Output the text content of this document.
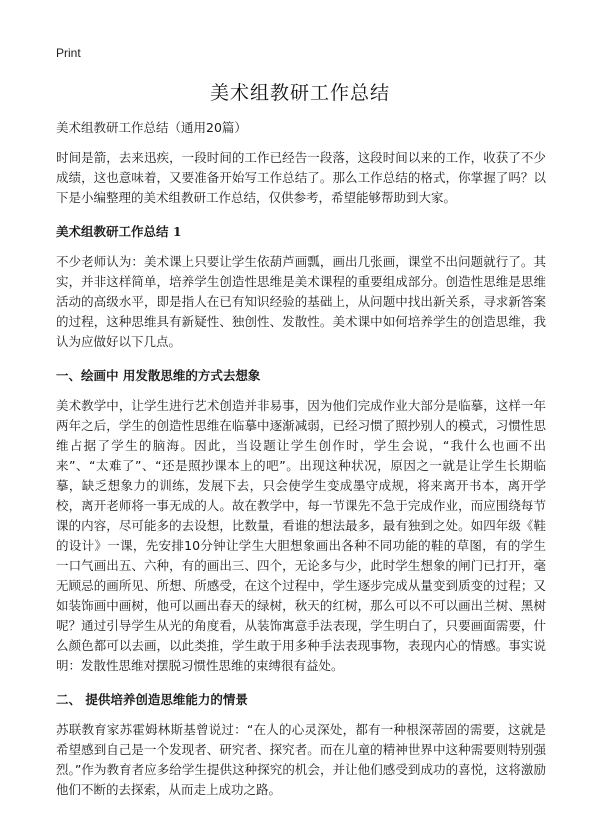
Print
美术组教研工作总结

美术组教研工作总结（通用20篇）

时间是箭，去来迅疾，一段时间的工作已经告一段落，这段时间以来的工作，收获了不少成绩，这也意味着，又要准备开始写工作总结了。那么工作总结的格式，你掌握了吗？以下是小编整理的美术组教研工作总结，仅供参考，希望能够帮助到大家。

美术组教研工作总结 1

不少老师认为：美术课上只要让学生依葫芦画瓢，画出几张画，课堂不出问题就行了。其实，并非这样简单，培养学生创造性思维是美术课程的重要组成部分。创造性思维是思维活动的高级水平，即是指人在已有知识经验的基础上，从问题中找出新关系，寻求新答案的过程，这种思维具有新疑性、独创性、发散性。美术课中如何培养学生的创造思维，我认为应做好以下几点。

一、绘画中 用发散思维的方式去想象

美术教学中，让学生进行艺术创造并非易事，因为他们完成作业大部分是临摹，这样一年两年之后，学生的创造性思维在临摹中逐渐减弱，已经习惯了照抄别人的模式，习惯性思维占据了学生的脑海。因此，当设题让学生创作时，学生会说，“我什么也画不出来”、“太难了”、“还是照抄课本上的吧”。出现这种状况，原因之一就是让学生长期临摹，缺乏想象力的训练，发展下去，只会使学生变成墨守成规，将来离开书本，离开学校，离开老师将一事无成的人。故在教学中，每一节课先不急于完成作业，而应围绕每节课的内容，尽可能多的去设想，比数量，看谁的想法最多，最有独到之处。如四年级《鞋的设计》一课，先安排10分钟让学生大胆想象画出各种不同功能的鞋的草图，有的学生一口气画出五、六种，有的画出三、四个，无论多与少，此时学生想象的闸门已打开，毫无顾忌的画所见、所想、所感受，在这个过程中，学生逐步完成从量变到质变的过程；又如装饰画中画树，他可以画出春天的绿树，秋天的红树，那么可以不可以画出兰树、黑树呢？通过引导学生从光的角度看，从装饰寓意手法表现，学生明白了，只要画面需要，什么颜色都可以去画，以此类推，学生敢于用多种手法表现事物，表现内心的情感。事实说明：发散性思维对摆脱习惯性思维的束缚很有益处。

二、 提供培养创造思维能力的情景

苏联教育家苏霍姆林斯基曾说过：“在人的心灵深处，都有一种根深蒂固的需要，这就是希望感到自己是一个发现者、研究者、探究者。而在儿童的精神世界中这种需要则特别强烈。”作为教育者应多给学生提供这种探究的机会，并让他们感受到成功的喜悦，这将激励他们不断的去探索，从而走上成功之路。
